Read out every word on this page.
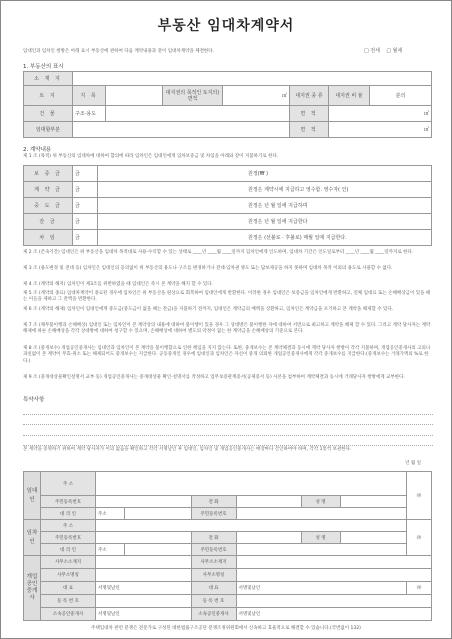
부동산 임대차계약서
임대인과 임차인 쌍방은 아래 표시 부동산에 관하여 다음 계약내용과 같이 임대차계약을 체결한다.	□ 전세 □ 월세
1. 부동산의 표시
소 재 지							
토 지	지 목		대지권의 목적인 토지의) 면적	㎡	대지권 종 류	대지권 비 율	분의
건 물	구조·용도				면 적	㎡	
임대할부분					면 적	㎡	
2. 계약내용
제 1 조 (목적) 위 부동산의 임대차에 대하여 합의에 따라 임차인은 임대인에게 임차보증금 및 차임을 아래와 같이 지불하기로 한다.
보 증 금	금	원정(₩ )
계 약 금	금	원정은 계약시에 지급하고 영수함. 영수자( 인)
중 도 금	금	원정은 년 월 일에 지급하며
잔 금	금	원정은 년 월 일에 지급한다
차 임	금	원정은 (선불로 · 후불로) 매월 일에 지급한다.
제 2 조 (존속기간) 임대인은 위 부동산을 임대차 목적대로 사용·수익할 수 있는 상태로 ____년 ____월 ____일까지 임차인에게 인도하며, 임대차 기간은 인도일로부터 ____년 ____월 ____일까지로 한다.
제 3 조 (용도변경 및 전대 등) 임차인은 임대인의 동의없이 위 부동산의 용도나 구조를 변경하거나 전대·임차권 양도 또는 담보제공을 하지 못하며 임대차 목적 이외의 용도로 사용할 수 없다.
제 4 조 (계약의 해지) 임차인이 제3조를 위반하였을 때 임대인은 즉시 본 계약을 해지 할 수 있다.
제 5 조 (계약의 종료) 임대차계약이 종료된 경우에 임차인은 위 부동산을 원상으로 회복하여 임대인에게 반환한다. 이러한 경우 임대인은 보증금을 임차인에게 반환하고, 연체 임대료 또는 손해배상금이 있을 때는 이들을 제하고 그 잔액을 반환한다.
제 6 조 (계약의 해제) 임차인이 임대인에게 중도금(중도금이 없을 때는 잔금)을 지불하기 전까지, 임대인은 계약금의 배액을 상환하고, 임차인은 계약금을 포기하고 본 계약을 해제할 수 있다.
제 7 조 (채무불이행과 손해배상) 임대인 또는 임차인이 본 계약상의 내용에 대하여 불이행이 있을 경우 그 상대방은 불이행한 자에 대하여 서면으로 최고하고 계약을 해제 할 수 있다. 그리고 계약 당사자는 계약해제에 따른 손해배상을 각각 상대방에 대하여 청구할 수 있으며, 손해배상에 대하여 별도의 약정이 없는 한 계약금을 손해배상의 기준으로 본다.
제 8 조 (중개보수) 개업공인중개사는 임대인과 임차인이 본 계약을 불이행함으로 인한 책임을 지지 않는다. 또한, 중개보수는 본 계약체결과 동시에 계약 당사자 쌍방이 각각 지불하며, 개업공인중개사의 고의나 과실없이 본 계약이 무효·취소 또는 해제되어도 중개보수는 지급한다. 공동중개인 경우에 임대인과 임차인은 자신이 중개 의뢰한 개업공인중개사에게 각각 중개보수를 지급한다.(중개보수는 거래가액의 %로 한다.)
제 9 조 (중개대상물확인설명서 교부 등) 개업공인중개사는 중개대상물 확인·설명서를 작성하고 업무보증관계증서(공제증서 등) 사본을 첨부하여 계약체결과 동시에 거래당사자 쌍방에게 교부한다.
특약사항
본 계약을 증명하기 위하여 계약 당사자가 이의 없음을 확인하고 각각 서명날인 후 임대인, 임차인 및 개업공인중개사는 매장마다 간인하여야 하며, 각각 1통씩 보관한다.
년 월 일
임대인	주 소							㊞
	주민등록번호			전 화		성 명		
	대 리 인	주소		주민등록번호				
임차인	주 소							㊞
	주민등록번호			전 화		성 명		
	대 리 인	주소		주민등록번호				
개업공인중개사	사무소소재지			사무소소재지				
	사무소명칭			사무소명칭				
	대 표	서명및날인		대 표	서명및날인			㊞
	등 록 번 호			등 록 번 호				
	소속공인중개사	서명및날인		소속공인중개사	서명및날인			
주택임대차 관련 분쟁은 전문가로 구성된 대한법률구조공단 분쟁조정위원회에서 신속하고 효율적으로 해결할 수 있습니다.(국번없이 132)
